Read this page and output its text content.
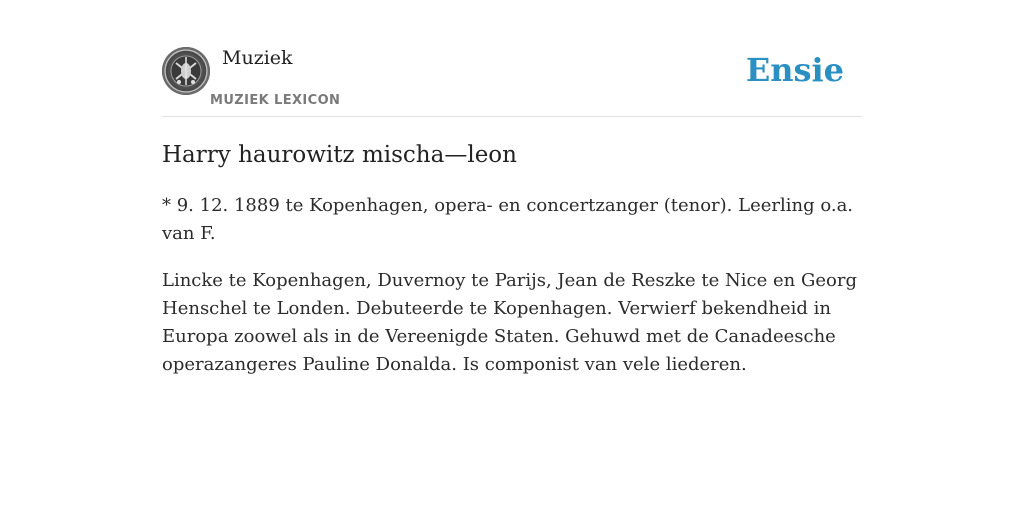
Muziek
MUZIEK LEXICON
Ensie
Harry haurowitz mischa—leon

* 9. 12. 1889 te Kopenhagen, opera- en concertzanger (tenor). Leerling o.a. van F.

Lincke te Kopenhagen, Duvernoy te Parijs, Jean de Reszke te Nice en Georg Henschel te Londen. Debuteerde te Kopenhagen. Verwierf bekendheid in Europa zoowel als in de Vereenigde Staten. Gehuwd met de Canadeesche operazangeres Pauline Donalda. Is componist van vele liederen.
